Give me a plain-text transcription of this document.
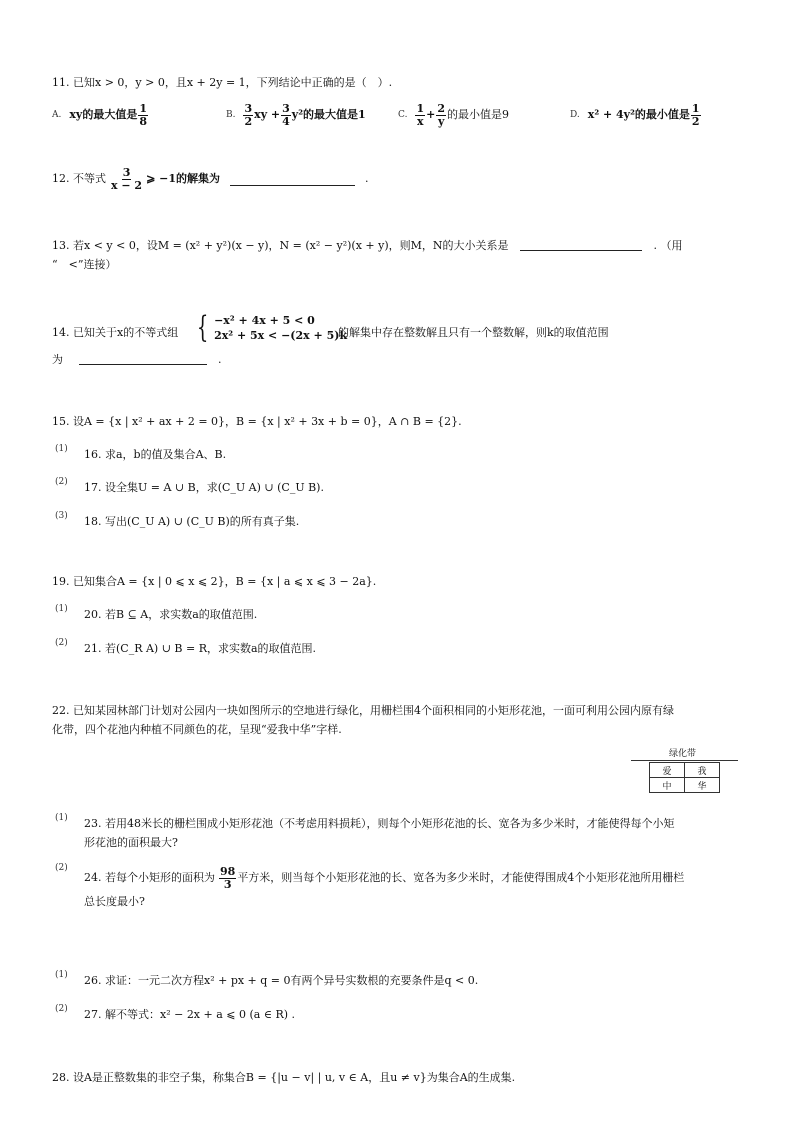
11. 已知x > 0，y > 0，且x + 2y = 1，下列结论中正确的是（　）.
A. xy的最大值是 $\frac{1}{8}$	B. $\frac{3}{2}$ xy + $\frac{3}{4} y^2$的最大值是1	C. $\frac{1}{x} + \frac{2}{y}$ 的最小值是9	D. x² + 4y²的最小值是 $\frac{1}{2}$
12. 不等式 $\frac{3}{x - 2}$ ⩾ −1的解集为	.
13. 若x < y < 0，设M = (x² + y²)(x − y)，N = (x² − y²)(x + y)，则M，N的大小关系是	. （用
“　<”连接）
14. 已知关于x的不等式组 { −x² + 4x + 5 < 0
2x² + 5x < −(2x + 5)k
的解集中存在整数解且只有一个整数解，则k的取值范围
为	.
15. 设A = {x | x² + ax + 2 = 0}，B = {x | x² + 3x + b = 0}，A ∩ B = {2}.
(1) 16. 求a，b的值及集合A、B.
(2) 17. 设全集U = A ∪ B，求(C_U A) ∪ (C_U B).
(3) 18. 写出(C_U A) ∪ (C_U B)的所有真子集.
19. 已知集合A = {x | 0 ⩽ x ⩽ 2}，B = {x | a ⩽ x ⩽ 3 − 2a}.
(1) 20. 若B ⊆ A，求实数a的取值范围.
(2) 21. 若(C_R A) ∪ B = R，求实数a的取值范围.
22. 已知某园林部门计划对公园内一块如图所示的空地进行绿化，用栅栏围4个面积相同的小矩形花池，一面可利用公园内原有绿
化带，四个花池内种植不同颜色的花，呈现“爱我中华”字样.
绿化带
爱	我
中	华
(1) 23. 若用48米长的栅栏围成小矩形花池（不考虑用料损耗），则每个小矩形花池的长、宽各为多少米时，才能使得每个小矩
形花池的面积最大?
(2)
24. 若每个小矩形的面积为 $\frac{98}{3}$ 平方米，则当每个小矩形花池的长、宽各为多少米时，才能使得围成4个小矩形花池所用栅栏
总长度最小?
(1) 26. 求证：一元二次方程x² + px + q = 0有两个异号实数根的充要条件是q < 0.
(2) 27. 解不等式：x² − 2x + a ⩽ 0 (a ∈ R) .
28. 设A是正整数集的非空子集，称集合B = {|u − v| | u, v ∈ A，且u ≠ v}为集合A的生成集.
